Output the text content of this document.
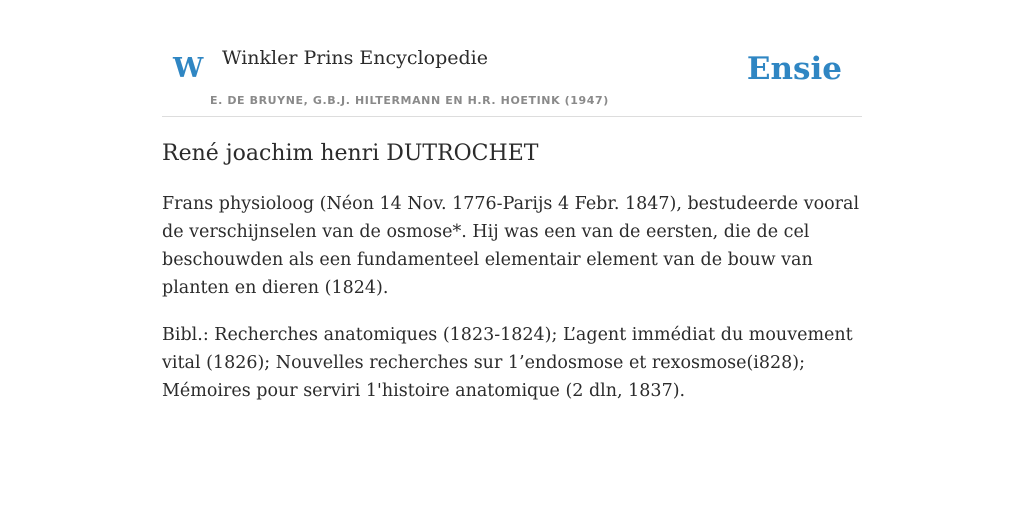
W Winkler Prins Encyclopedie
E. DE BRUYNE, G.B.J. HILTERMANN EN H.R. HOETINK (1947)
Ensie
René joachim henri DUTROCHET

Frans physioloog (Néon 14 Nov. 1776-Parijs 4 Febr. 1847), bestudeerde vooral de verschijnselen van de osmose*. Hij was een van de eersten, die de cel beschouwden als een fundamenteel elementair element van de bouw van planten en dieren (1824).

Bibl.: Recherches anatomiques (1823-1824); L’agent immédiat du mouvement vital (1826); Nouvelles recherches sur 1’endosmose et rexosmose(i828); Mémoires pour serviri 1'histoire anatomique (2 dln, 1837).
